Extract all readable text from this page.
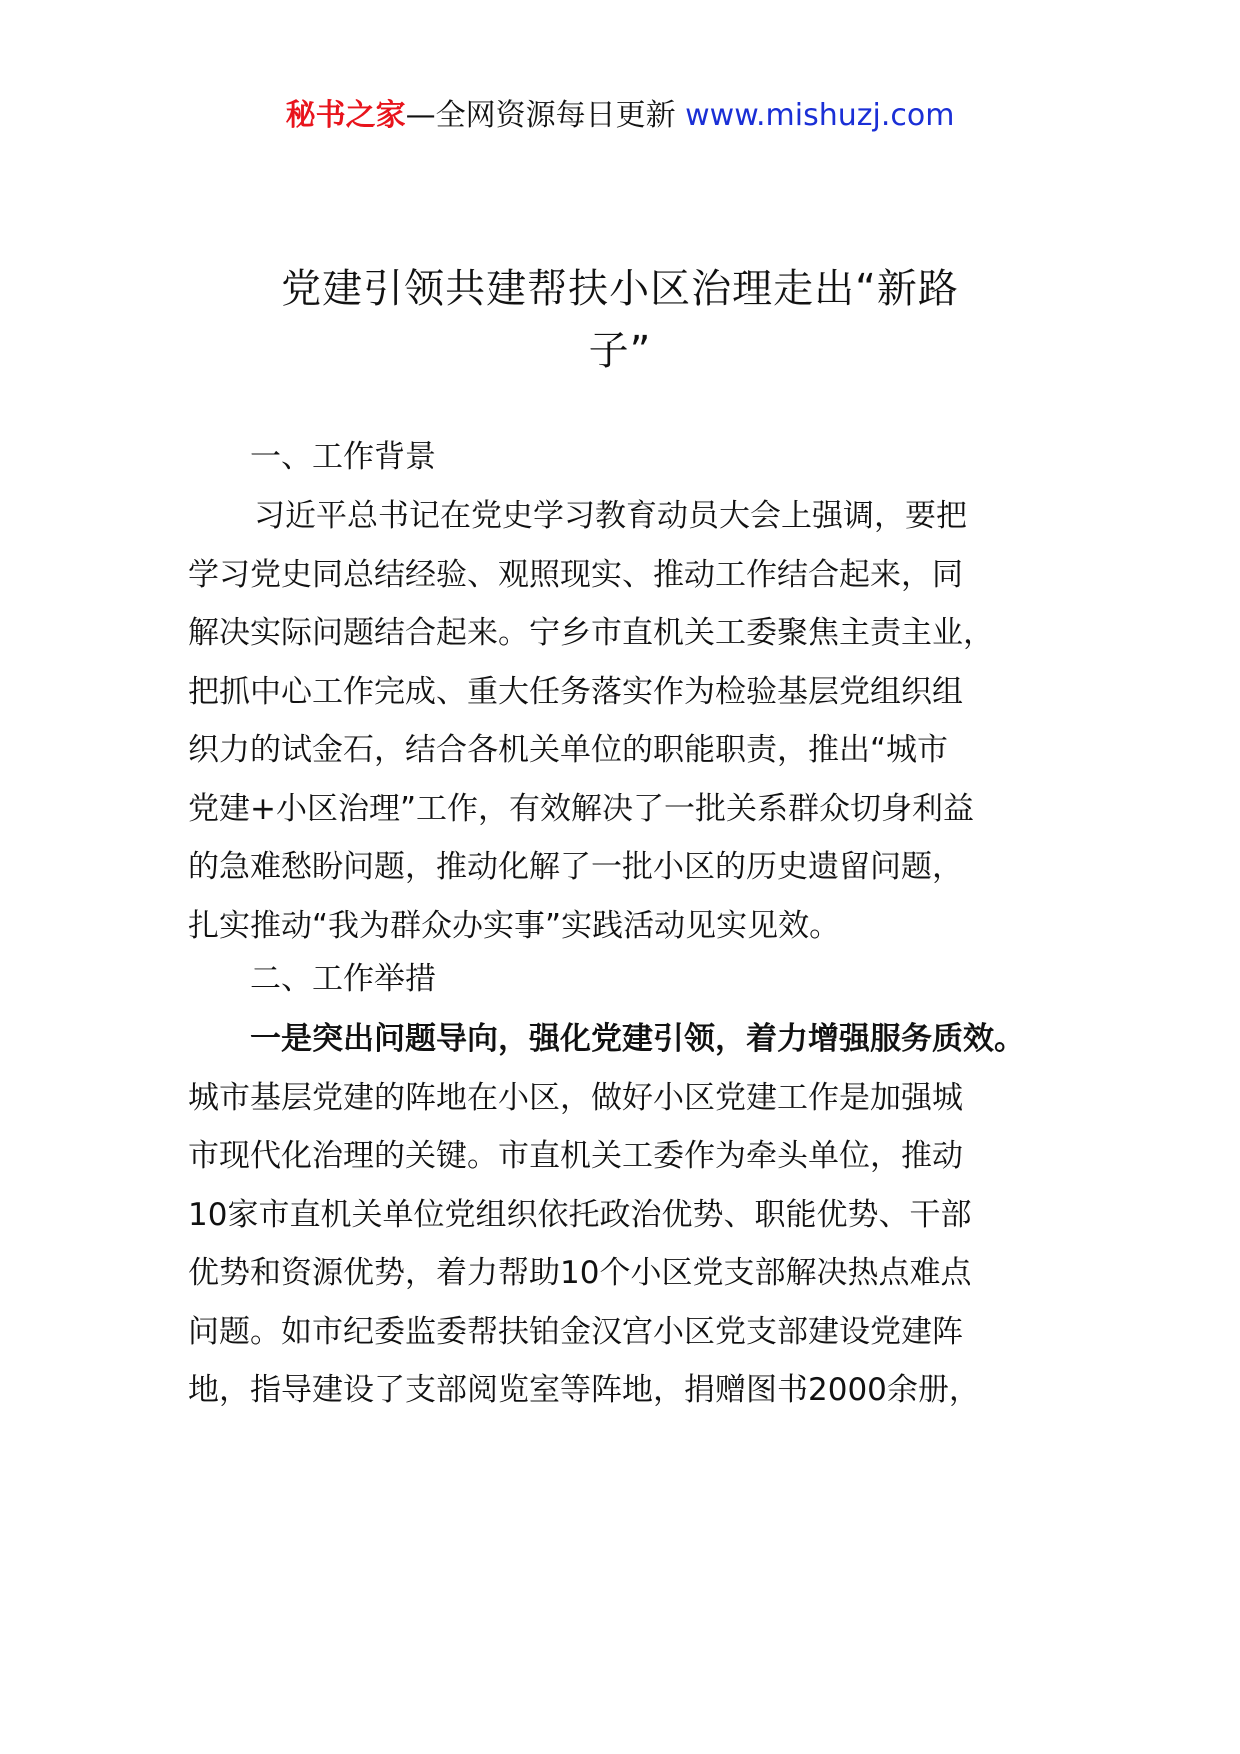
秘书之家—全网资源每日更新 www.mishuzj.com
党建引领共建帮扶小区治理走出“新路
子”
一、工作背景
习近平总书记在党史学习教育动员大会上强调，要把
学习党史同总结经验、观照现实、推动工作结合起来，同
解决实际问题结合起来。宁乡市直机关工委聚焦主责主业，
把抓中心工作完成、重大任务落实作为检验基层党组织组
织力的试金石，结合各机关单位的职能职责，推出“城市
党建+小区治理”工作，有效解决了一批关系群众切身利益
的急难愁盼问题，推动化解了一批小区的历史遗留问题，
扎实推动“我为群众办实事”实践活动见实见效。
二、工作举措
一是突出问题导向，强化党建引领，着力增强服务质效。
城市基层党建的阵地在小区，做好小区党建工作是加强城
市现代化治理的关键。市直机关工委作为牵头单位，推动
10家市直机关单位党组织依托政治优势、职能优势、干部
优势和资源优势，着力帮助10个小区党支部解决热点难点
问题。如市纪委监委帮扶铂金汉宫小区党支部建设党建阵
地，指导建设了支部阅览室等阵地，捐赠图书2000余册，
